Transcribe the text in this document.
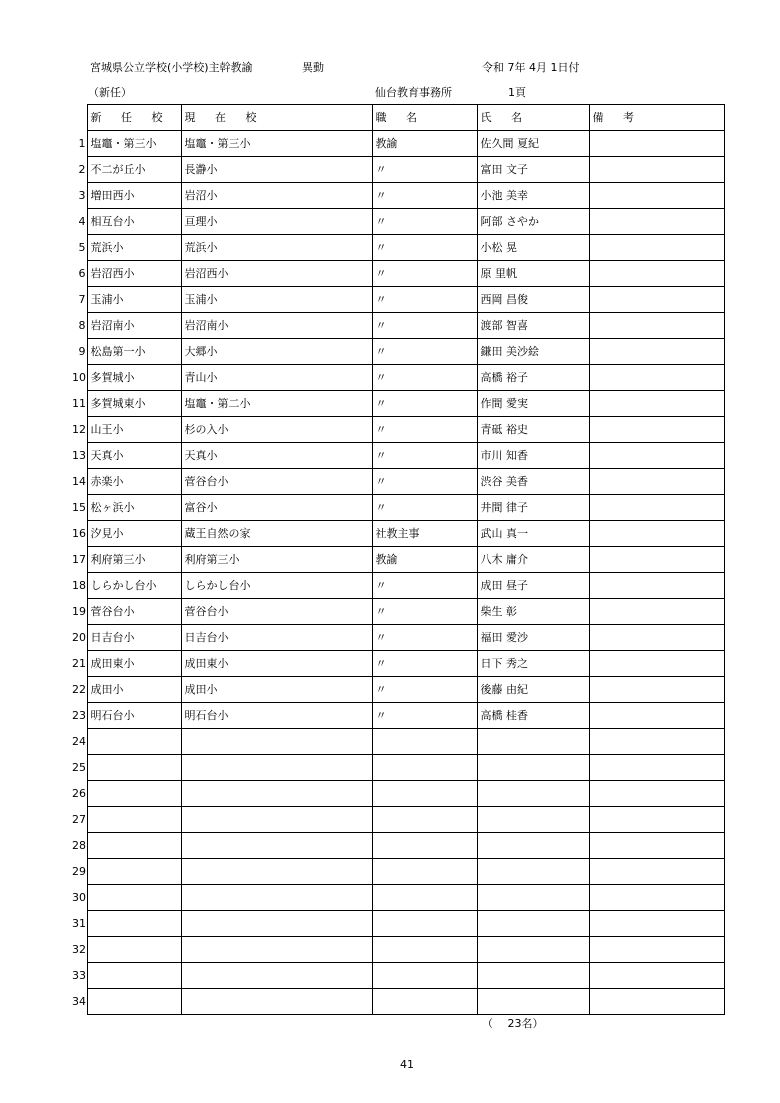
宮城県公立学校(小学校)主幹教諭	異動	令和 7年 4月 1日付
（新任）	仙台教育事務所	1頁
	新 任 校	現 在 校	職 名	氏 名	備 考
1	塩竈・第三小	塩竈・第三小	教諭	佐久間 夏紀	
2	不二が丘小	長瀞小	〃	富田 文子	
3	増田西小	岩沼小	〃	小池 美幸	
4	相互台小	亘理小	〃	阿部 さやか	
5	荒浜小	荒浜小	〃	小松 晃	
6	岩沼西小	岩沼西小	〃	原 里帆	
7	玉浦小	玉浦小	〃	西岡 昌俊	
8	岩沼南小	岩沼南小	〃	渡部 智喜	
9	松島第一小	大郷小	〃	鎌田 美沙絵	
10	多賀城小	青山小	〃	高橋 裕子	
11	多賀城東小	塩竈・第二小	〃	作間 愛実	
12	山王小	杉の入小	〃	青砥 裕史	
13	天真小	天真小	〃	市川 知香	
14	赤楽小	菅谷台小	〃	渋谷 美香	
15	松ヶ浜小	富谷小	〃	井間 律子	
16	汐見小	蔵王自然の家	社教主事	武山 真一	
17	利府第三小	利府第三小	教諭	八木 庸介	
18	しらかし台小	しらかし台小	〃	成田 昼子	
19	菅谷台小	菅谷台小	〃	柴生 彰	
20	日吉台小	日吉台小	〃	福田 愛沙	
21	成田東小	成田東小	〃	日下 秀之	
22	成田小	成田小	〃	後藤 由紀	
23	明石台小	明石台小	〃	高橋 桂香	
24					
25					
26					
27					
28					
29					
30					
31					
32					
33					
34					
（　 23名）
41
